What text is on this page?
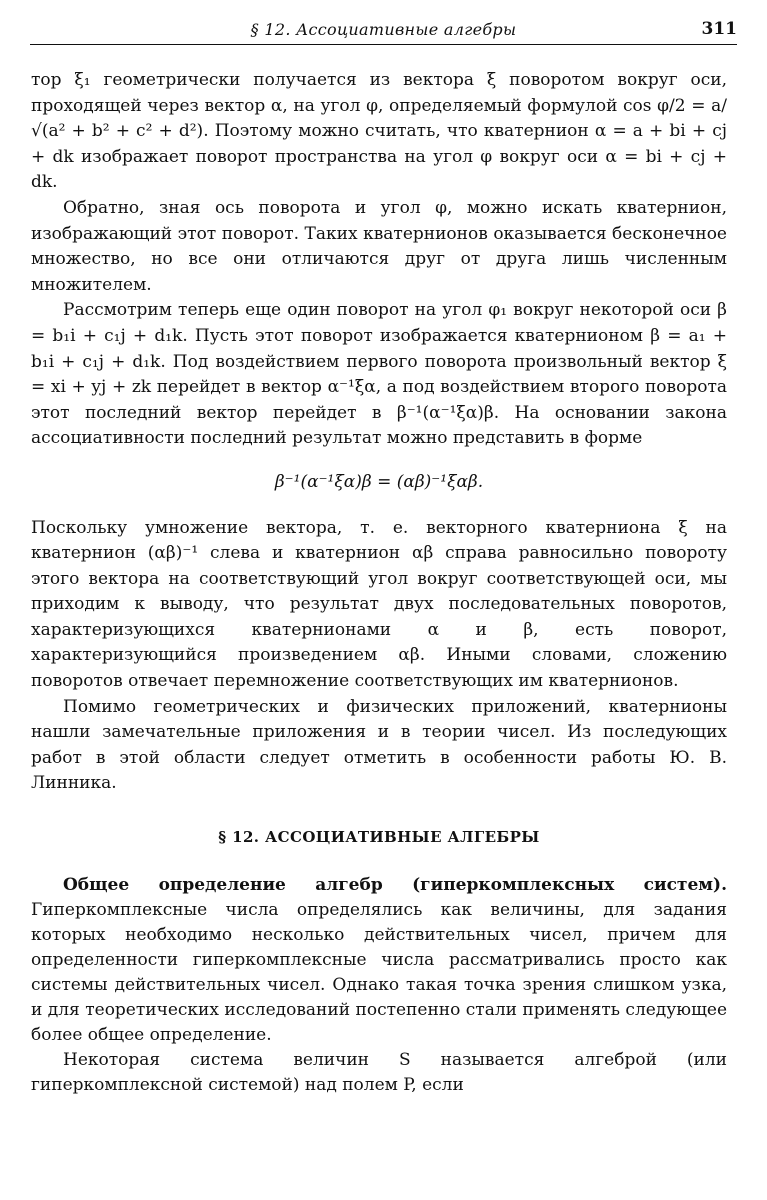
§ 12. Ассоциативные алгебры	311

тор ξ₁ геометрически получается из вектора ξ поворотом вокруг оси, проходящей через вектор α, на угол φ, определяемый формулой cos φ/2 = a/√(a² + b² + c² + d²). Поэтому можно считать, что кватернион α = a + bi + cj + dk изображает поворот пространства на угол φ вокруг оси α = bi + cj + dk.

Обратно, зная ось поворота и угол φ, можно искать кватернион, изображающий этот поворот. Таких кватернионов оказывается бесконечное множество, но все они отличаются друг от друга лишь численным множителем.

Рассмотрим теперь еще один поворот на угол φ₁ вокруг некоторой оси β = b₁i + c₁j + d₁k. Пусть этот поворот изображается кватернионом β = a₁ + b₁i + c₁j + d₁k. Под воздействием первого поворота произвольный вектор ξ = xi + yj + zk перейдет в вектор α⁻¹ξα, а под воздействием второго поворота этот последний вектор перейдет в β⁻¹(α⁻¹ξα)β. На основании закона ассоциативности последний результат можно представить в форме

β⁻¹(α⁻¹ξα)β = (αβ)⁻¹ξαβ.

Поскольку умножение вектора, т. е. векторного кватерниона ξ на кватернион (αβ)⁻¹ слева и кватернион αβ справа равносильно повороту этого вектора на соответствующий угол вокруг соответствующей оси, мы приходим к выводу, что результат двух последовательных поворотов, характеризующихся кватернионами α и β, есть поворот, характеризующийся произведением αβ. Иными словами, сложению поворотов отвечает перемножение соответствующих им кватернионов.

Помимо геометрических и физических приложений, кватернионы нашли замечательные приложения и в теории чисел. Из последующих работ в этой области следует отметить в особенности работы Ю. В. Линника.

§ 12. АССОЦИАТИВНЫЕ АЛГЕБРЫ

Общее определение алгебр (гиперкомплексных систем). Гиперкомплексные числа определялись как величины, для задания которых необходимо несколько действительных чисел, причем для определенности гиперкомплексные числа рассматривались просто как системы действительных чисел. Однако такая точка зрения слишком узка, и для теоретических исследований постепенно стали применять следующее более общее определение.

Некоторая система величин S называется алгеброй (или гиперкомплексной системой) над полем P, если
